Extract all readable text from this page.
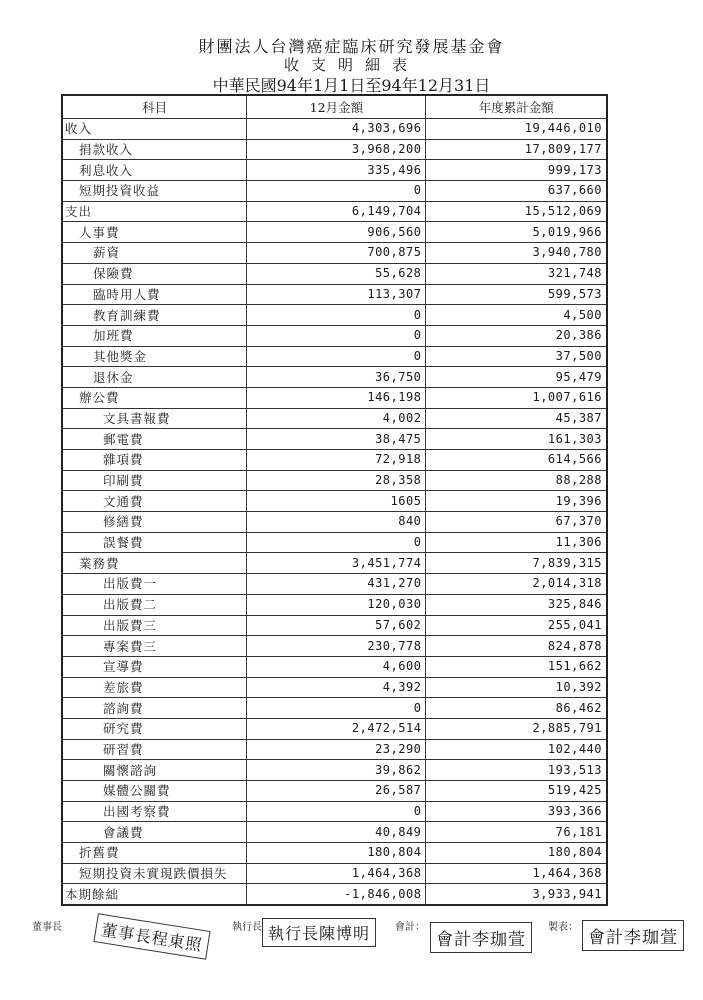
財團法人台灣癌症臨床研究發展基金會
收支明細表
中華民國94年1月1日至94年12月31日
科目	12月金額	年度累計金額
收入	4,303,696	19,446,010
捐款收入	3,968,200	17,809,177
利息收入	335,496	999,173
短期投資收益	0	637,660
支出	6,149,704	15,512,069
人事費	906,560	5,019,966
薪資	700,875	3,940,780
保險費	55,628	321,748
臨時用人費	113,307	599,573
教育訓練費	0	4,500
加班費	0	20,386
其他獎金	0	37,500
退休金	36,750	95,479
辦公費	146,198	1,007,616
文具書報費	4,002	45,387
郵電費	38,475	161,303
雜項費	72,918	614,566
印刷費	28,358	88,288
文通費	1605	19,396
修繕費	840	67,370
誤餐費	0	11,306
業務費	3,451,774	7,839,315
出版費一	431,270	2,014,318
出版費二	120,030	325,846
出版費三	57,602	255,041
專案費三	230,778	824,878
宣導費	4,600	151,662
差旅費	4,392	10,392
諮詢費	0	86,462
研究費	2,472,514	2,885,791
研習費	23,290	102,440
關懷諮詢	39,862	193,513
媒體公關費	26,587	519,425
出國考察費	0	393,366
會議費	40,849	76,181
折舊費	180,804	180,804
短期投資未實現跌價損失	1,464,368	1,464,368
本期餘絀	-1,846,008	3,933,941
董事長	董事長程東照	執行長 執行長陳博明	會計：
會計李珈萱
製表：
會計李珈萱
